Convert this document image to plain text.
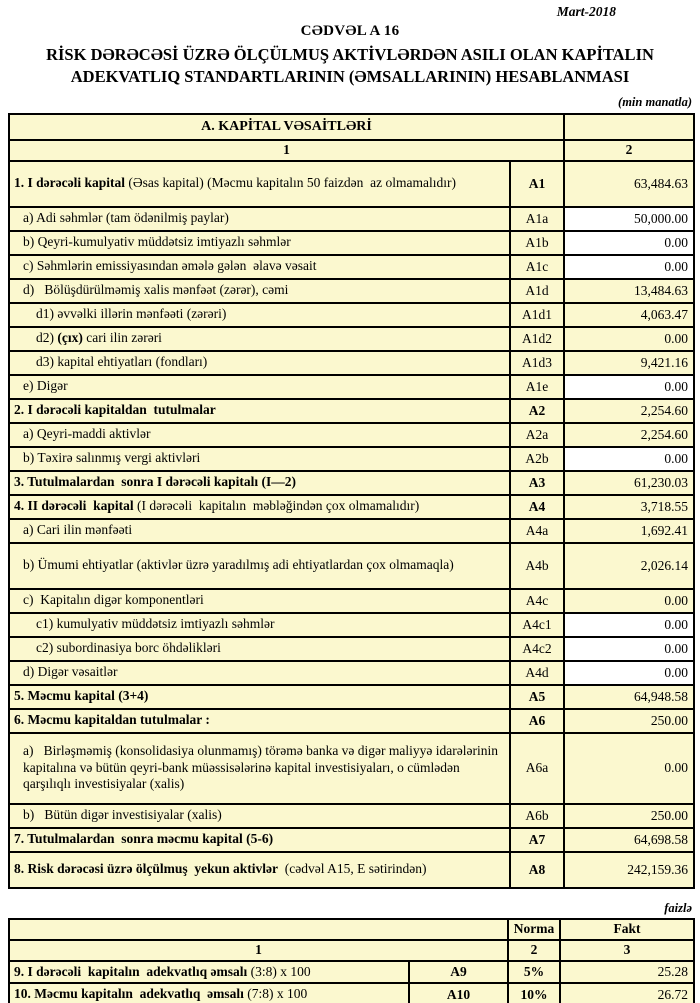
Mart-2018
CƏDVƏL A 16
RİSK DƏRƏCƏSİ ÜZRƏ ÖLÇÜLMUŞ AKTİVLƏRDƏN ASILI OLAN KAPİTALIN
ADEKVATLIQ STANDARTLARININ (ƏMSALLARININ) HESABLANMASI
(min manatla)
A. KAPİTAL VƏSAİTLƏRİ		
1		2
1. I dərəcəli kapital (Əsas kapital) (Məcmu kapitalın 50 faizdən  az olmamalıdır)	A1	63,484.63
a) Adi səhmlər (tam ödənilmiş paylar)	A1a	50,000.00
b) Qeyri-kumulyativ müddətsiz imtiyazlı səhmlər	A1b	0.00
c) Səhmlərin emissiyasından əmələ gələn  əlavə vəsait	A1c	0.00
d)   Bölüşdürülməmiş xalis mənfəət (zərər), cəmi	A1d	13,484.63
d1) əvvəlki illərin mənfəəti (zərəri)	A1d1	4,063.47
d2) (çıx) cari ilin zərəri	A1d2	0.00
d3) kapital ehtiyatları (fondları)	A1d3	9,421.16
e) Digər	A1e	0.00
2. I dərəcəli kapitaldan  tutulmalar	A2	2,254.60
a) Qeyri-maddi aktivlər	A2a	2,254.60
b) Təxirə salınmış vergi aktivləri	A2b	0.00
3. Tutulmalardan  sonra I dərəcəli kapitalı (I—2)	A3	61,230.03
4. II dərəcəli  kapital (I dərəcəli  kapitalın  məbləğindən çox olmamalıdır)	A4	3,718.55
a) Cari ilin mənfəəti	A4a	1,692.41
b) Ümumi ehtiyatlar (aktivlər üzrə yaradılmış adi ehtiyatlardan çox olmamaqla)	A4b	2,026.14
c)  Kapitalın digər komponentləri	A4c	0.00
c1) kumulyativ müddətsiz imtiyazlı səhmlər	A4c1	0.00
c2) subordinasiya borc öhdəlikləri	A4c2	0.00
d) Digər vəsaitlər	A4d	0.00
5. Məcmu kapital (3+4)	A5	64,948.58
6. Məcmu kapitaldan tutulmalar :	A6	250.00
a)   Birləşməmiş (konsolidasiya olunmamış) törəmə banka və digər maliyyə idarələrinin kapitalına və bütün qeyri-bank müəssisələrinə kapital investisiyaları, o cümlədən qarşılıqlı investisiyalar (xalis)	A6a	0.00
b)   Bütün digər investisiyalar (xalis)	A6b	250.00
7. Tutulmalardan  sonra məcmu kapital (5-6)	A7	64,698.58
8. Risk dərəcəsi üzrə ölçülmuş  yekun aktivlər  (cədvəl A15, E sətirindən)	A8	242,159.36
faizlə
		Norma	Fakt
1		2	3
9. I dərəcəli  kapitalın  adekvatlıq əmsalı (3:8) x 100	A9	5%	25.28
10. Məcmu kapitalın  adekvatlıq  əmsalı (7:8) x 100	A10	10%	26.72
